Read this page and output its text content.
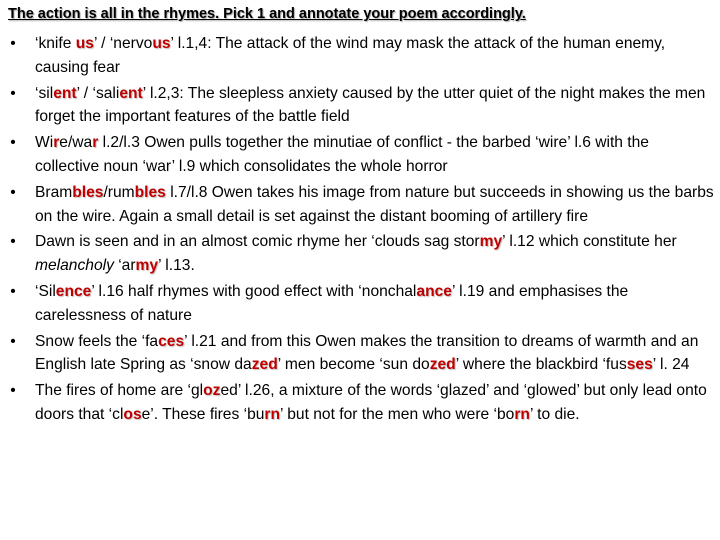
The action is all in the rhymes. Pick 1 and annotate your poem accordingly.
• ‘knife us’ / ‘nervous’ l.1,4: The attack of the wind may mask the attack of the human enemy, causing fear
• ‘silent’ / ‘salient’ l.2,3: The sleepless anxiety caused by the utter quiet of the night makes the men forget the important features of the battle field
• Wire/war l.2/l.3 Owen pulls together the minutiae of conflict - the barbed ‘wire’ l.6 with the collective noun ‘war’ l.9 which consolidates the whole horror
• Brambles/rumbles l.7/l.8 Owen takes his image from nature but succeeds in showing us the barbs on the wire. Again a small detail is set against the distant booming of artillery fire
• Dawn is seen and in an almost comic rhyme her ‘clouds sag stormy’ l.12 which constitute her melancholy ‘army’ l.13.
• ‘Silence’ l.16 half rhymes with good effect with ‘nonchalance’ l.19 and emphasises the carelessness of nature
• Snow feels the ‘faces’ l.21 and from this Owen makes the transition to dreams of warmth and an English late Spring as ‘snow dazed’ men become ‘sun dozed’ where the blackbird ‘fusses’ l. 24
• The fires of home are ‘glozed’ l.26, a mixture of the words ‘glazed’ and ‘glowed’ but only lead onto doors that ‘close’. These fires ‘burn’ but not for the men who were ‘born’ to die.
